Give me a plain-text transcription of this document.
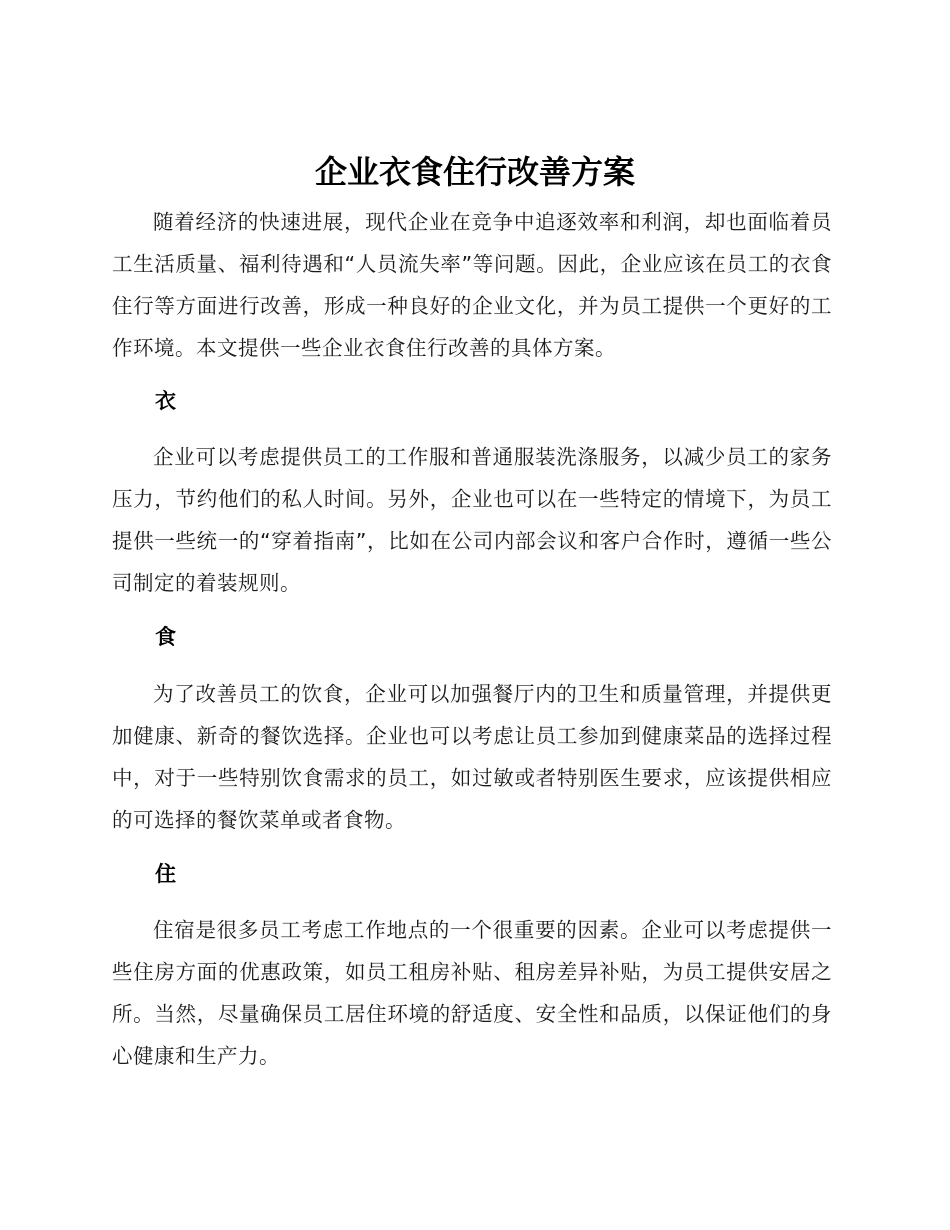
企业衣食住行改善方案

随着经济的快速进展，现代企业在竞争中追逐效率和利润，却也面临着员工生活质量、福利待遇和“人员流失率”等问题。因此，企业应该在员工的衣食住行等方面进行改善，形成一种良好的企业文化，并为员工提供一个更好的工作环境。本文提供一些企业衣食住行改善的具体方案。

衣

企业可以考虑提供员工的工作服和普通服装洗涤服务，以减少员工的家务压力，节约他们的私人时间。另外，企业也可以在一些特定的情境下，为员工提供一些统一的“穿着指南”，比如在公司内部会议和客户合作时，遵循一些公司制定的着装规则。

食

为了改善员工的饮食，企业可以加强餐厅内的卫生和质量管理，并提供更加健康、新奇的餐饮选择。企业也可以考虑让员工参加到健康菜品的选择过程中，对于一些特别饮食需求的员工，如过敏或者特别医生要求，应该提供相应的可选择的餐饮菜单或者食物。

住

住宿是很多员工考虑工作地点的一个很重要的因素。企业可以考虑提供一些住房方面的优惠政策，如员工租房补贴、租房差异补贴，为员工提供安居之所。当然，尽量确保员工居住环境的舒适度、安全性和品质，以保证他们的身心健康和生产力。
